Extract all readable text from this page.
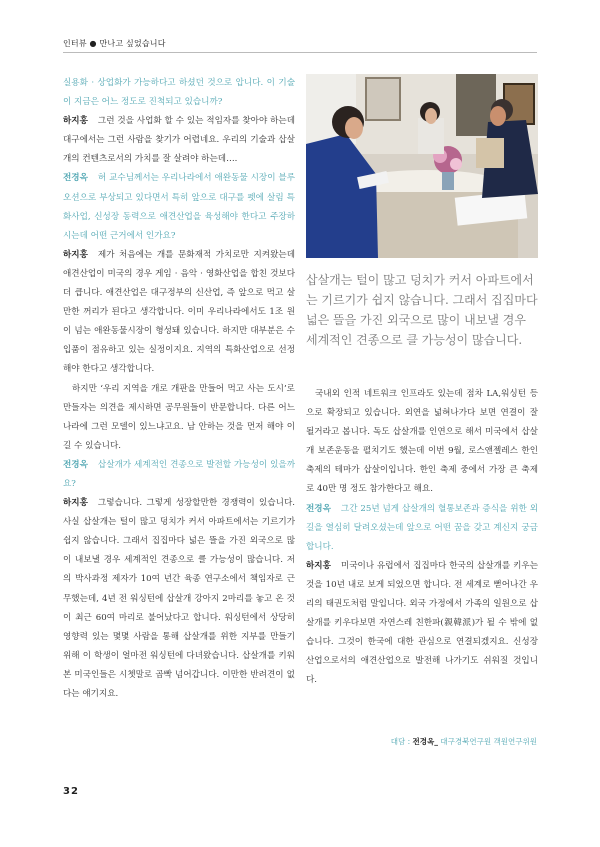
인터뷰 ● 만나고 싶었습니다

실용화 · 상업화가 가능하다고 하셨던 것으로 압니다. 이 기술이 지금은 어느 정도로 진척되고 있습니까?

하지홍 그런 것을 사업화 할 수 있는 적임자를 찾아야 하는데 대구에서는 그런 사람을 찾기가 어렵네요. 우리의 기술과 삽살개의 컨텐츠로서의 가치를 잘 살려야 하는데….

전경옥 허 교수님께서는 우리나라에서 애완동물 시장이 블루오션으로 부상되고 있다면서 특히 앞으로 대구를 펫에 살림 특화사업, 신성장 동력으로 애견산업을 육성해야 한다고 주장하시는데 어떤 근거에서 인가요?

하지홍 제가 처음에는 개를 문화재적 가치로만 지켜왔는데 애견산업이 미국의 경우 게임 · 음악 · 영화산업을 합친 것보다 더 큽니다. 애견산업은 대구정부의 신산업, 즉 앞으로 먹고 살만한 꺼리가 된다고 생각합니다. 이미 우리나라에서도 1조 원이 넘는 애완동물시장이 형성돼 있습니다. 하지만 대부분은 수입품이 점유하고 있는 실정이지요. 지역의 특화산업으로 선정해야 한다고 생각합니다.

하지만 ‘우리 지역을 개로 개판을 만들어 먹고 사는 도시’로 만들자는 의견을 제시하면 공무원들이 반문합니다. 다른 어느 나라에 그런 모델이 있느냐고요. 남 안하는 것을 먼저 해야 이길 수 있습니다.

전경옥 삽살개가 세계적인 견종으로 발전할 가능성이 있을까요?

하지홍 그렇습니다. 그렇게 성장할만한 경쟁력이 있습니다. 사실 삽살개는 털이 많고 덩치가 커서 아파트에서는 기르기가 쉽지 않습니다. 그래서 집집마다 넓은 뜰을 가진 외국으로 많이 내보낼 경우 세계적인 견종으로 클 가능성이 많습니다. 저의 박사과정 제자가 10여 년간 육종 연구소에서 책임자로 근무했는데, 4년 전 워싱턴에 삽살개 강아지 2마리를 놓고 온 것이 최근 60여 마리로 불어났다고 합니다. 워싱턴에서 상당히 영향력 있는 몇몇 사람을 통해 삽살개를 위한 지부를 만들기 위해 이 학생이 얼마전 워싱턴에 다녀왔습니다. 삽살개를 키워 본 미국인들은 시쳇말로 곱빡 넘어갑니다. 이만한 반려견이 없다는 얘기지요.

삽살개는 털이 많고 덩치가 커서 아파트에서는 기르기가 쉽지 않습니다. 그래서 집집마다 넓은 뜰을 가진 외국으로 많이 내보낼 경우 세계적인 견종으로 클 가능성이 많습니다.

국내외 인적 네트워크 인프라도 있는데 점차 LA,워싱턴 등으로 확장되고 있습니다. 외연을 넓혀나가다 보면 연결이 잘 될거라고 봅니다. 독도 삽살개를 인연으로 해서 미국에서 삽살개 보존운동을 펼치기도 했는데 이번 9월, 로스앤젤레스 한인 축제의 테마가 삽살이입니다. 한인 축제 중에서 가장 큰 축제로 40만 명 정도 참가한다고 해요.

전경옥 그간 25년 넘게 삽살개의 혈통보존과 증식을 위한 외길을 열심히 달려오셨는데 앞으로 어떤 꿈을 갖고 계신지 궁금합니다.

하지홍 미국이나 유럽에서 집집마다 한국의 삽살개를 키우는 것을 10년 내로 보게 되었으면 합니다. 전 세계로 뻗어나간 우리의 태권도처럼 말입니다. 외국 가정에서 가족의 일원으로 삽살개를 키우다보면 자연스레 친한파(親韓派)가 될 수 밖에 없습니다. 그것이 한국에 대한 관심으로 연결되겠지요. 신성장 산업으로서의 애견산업으로 발전해 나가기도 쉬워질 것입니다.

대담 : 전경옥_ 대구경북연구원 객원연구위원
32
